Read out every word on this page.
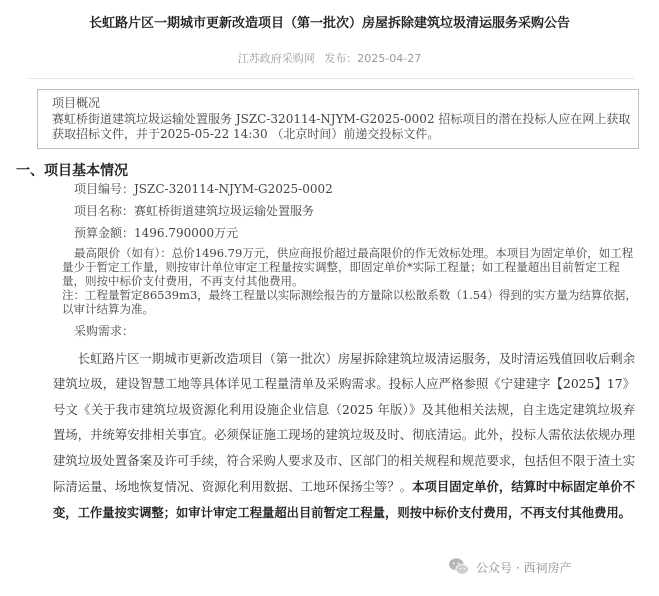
长虹路片区一期城市更新改造项目（第一批次）房屋拆除建筑垃圾清运服务采购公告
江苏政府采购网 发布：2025-04-27
项目概况
赛虹桥街道建筑垃圾运输处置服务 JSZC-320114-NJYM-G2025-0002 招标项目的潜在投标人应在网上获取 获取招标文件，并于2025-05-22 14:30 （北京时间）前递交投标文件。
一、项目基本情况
项目编号：JSZC-320114-NJYM-G2025-0002
项目名称：赛虹桥街道建筑垃圾运输处置服务
预算金额：1496.790000万元

最高限价（如有）：总价1496.79万元，供应商报价超过最高限价的作无效标处理。本项目为固定单价，如工程量少于暂定工作量，则按审计单位审定工程量按实调整，即固定单价*实际工程量；如工程量超出目前暂定工程量，则按中标价支付费用，不再支付其他费用。

注：工程量暂定86539m3，最终工程量以实际测绘报告的方量除以松散系数（1.54）得到的实方量为结算依据，以审计结算为准。

采购需求：
长虹路片区一期城市更新改造项目（第一批次）房屋拆除建筑垃圾清运服务，及时清运残值回收后剩余建筑垃圾，建设智慧工地等具体详见工程量清单及采购需求。投标人应严格参照《宁建建字【2025】17》号文《关于我市建筑垃圾资源化利用设施企业信息（2025 年版）》及其他相关法规，自主选定建筑垃圾弃置场，并统筹安排相关事宜。必须保证施工现场的建筑垃圾及时、彻底清运。此外，投标人需依法依规办理建筑垃圾处置备案及许可手续，符合采购人要求及市、区部门的相关规程和规范要求，包括但不限于渣土实际清运量、场地恢复情况、资源化利用数据、工地环保扬尘等？。本项目固定单价，结算时中标固定单价不变，工作量按实调整；如审计审定工程量超出目前暂定工程量，则按中标价支付费用，不再支付其他费用。
公众号 · 西祠房产
